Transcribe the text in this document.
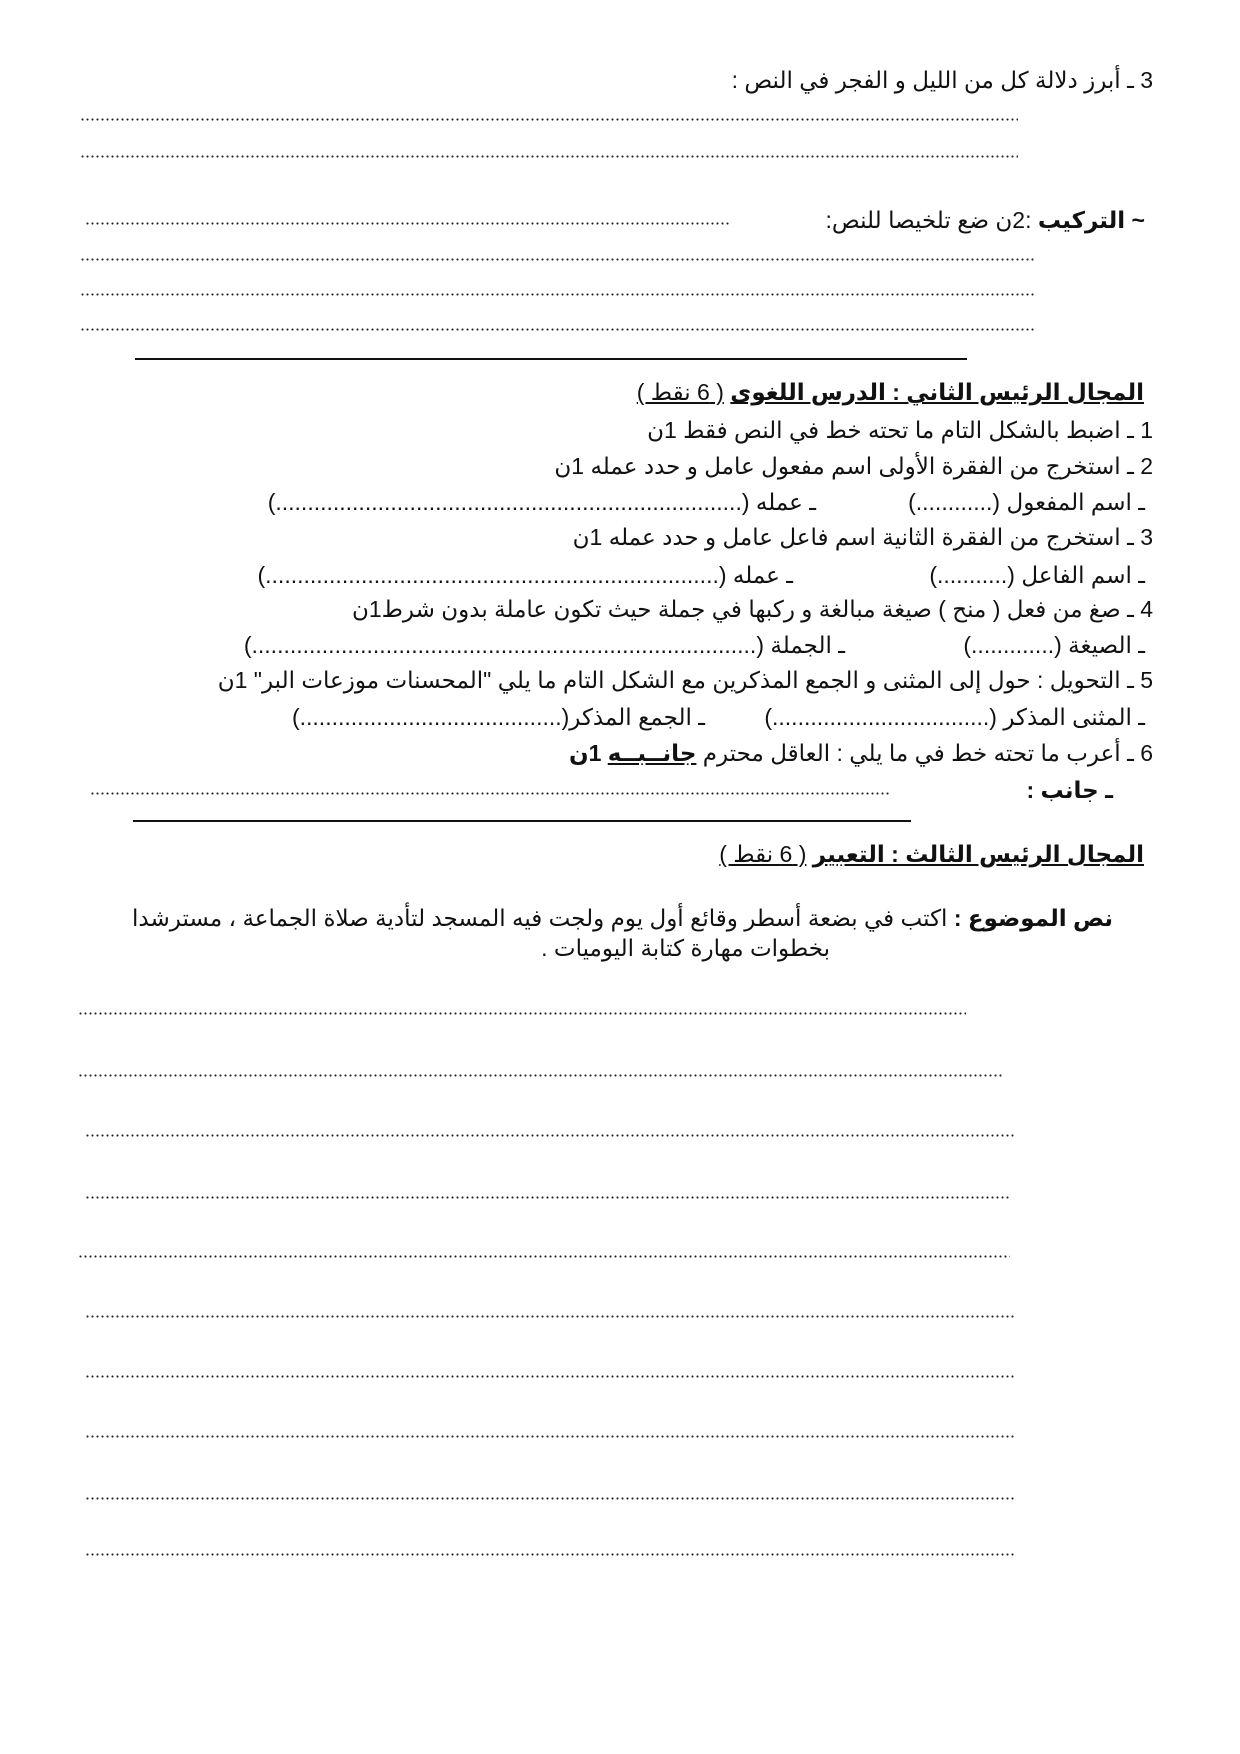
3 ـ أبرز دلالة كل من الليل و الفجر في النص :
~ التركيب :2ن ضع تلخيصا للنص:
المجال الرئيس الثاني : الدرس اللغوى ( 6 نقط )
1 ـ اضبط بالشكل التام ما تحته خط في النص فقط 1ن
2 ـ استخرج من الفقرة الأولى اسم مفعول عامل و حدد عمله 1ن
ـ اسم المفعول (............)
ـ عمله (.........................................................................)
3 ـ استخرج من الفقرة الثانية اسم فاعل عامل و حدد عمله 1ن
ـ اسم الفاعل (...........)
ـ عمله (.......................................................................)
4 ـ صغ من فعل ( منح ) صيغة مبالغة و ركبها في جملة حيث تكون عاملة بدون شرط1ن
ـ الصيغة (.............)
ـ الجملة (...............................................................................)
5 ـ التحويل : حول إلى المثنى و الجمع المذكرين مع الشكل التام ما يلي "المحسنات موزعات البر" 1ن
ـ المثنى المذكر (..................................)
ـ الجمع المذكر(.........................................)
6 ـ أعرب ما تحته خط في ما يلي : العاقل محترم جانــبــه 1ن
ـ جانب :
المجال الرئيس الثالث : التعبير ( 6 نقط )
نص الموضوع : اكتب في بضعة أسطر وقائع أول يوم ولجت فيه المسجد لتأدية صلاة الجماعة ، مسترشدا
بخطوات مهارة كتابة اليوميات .
